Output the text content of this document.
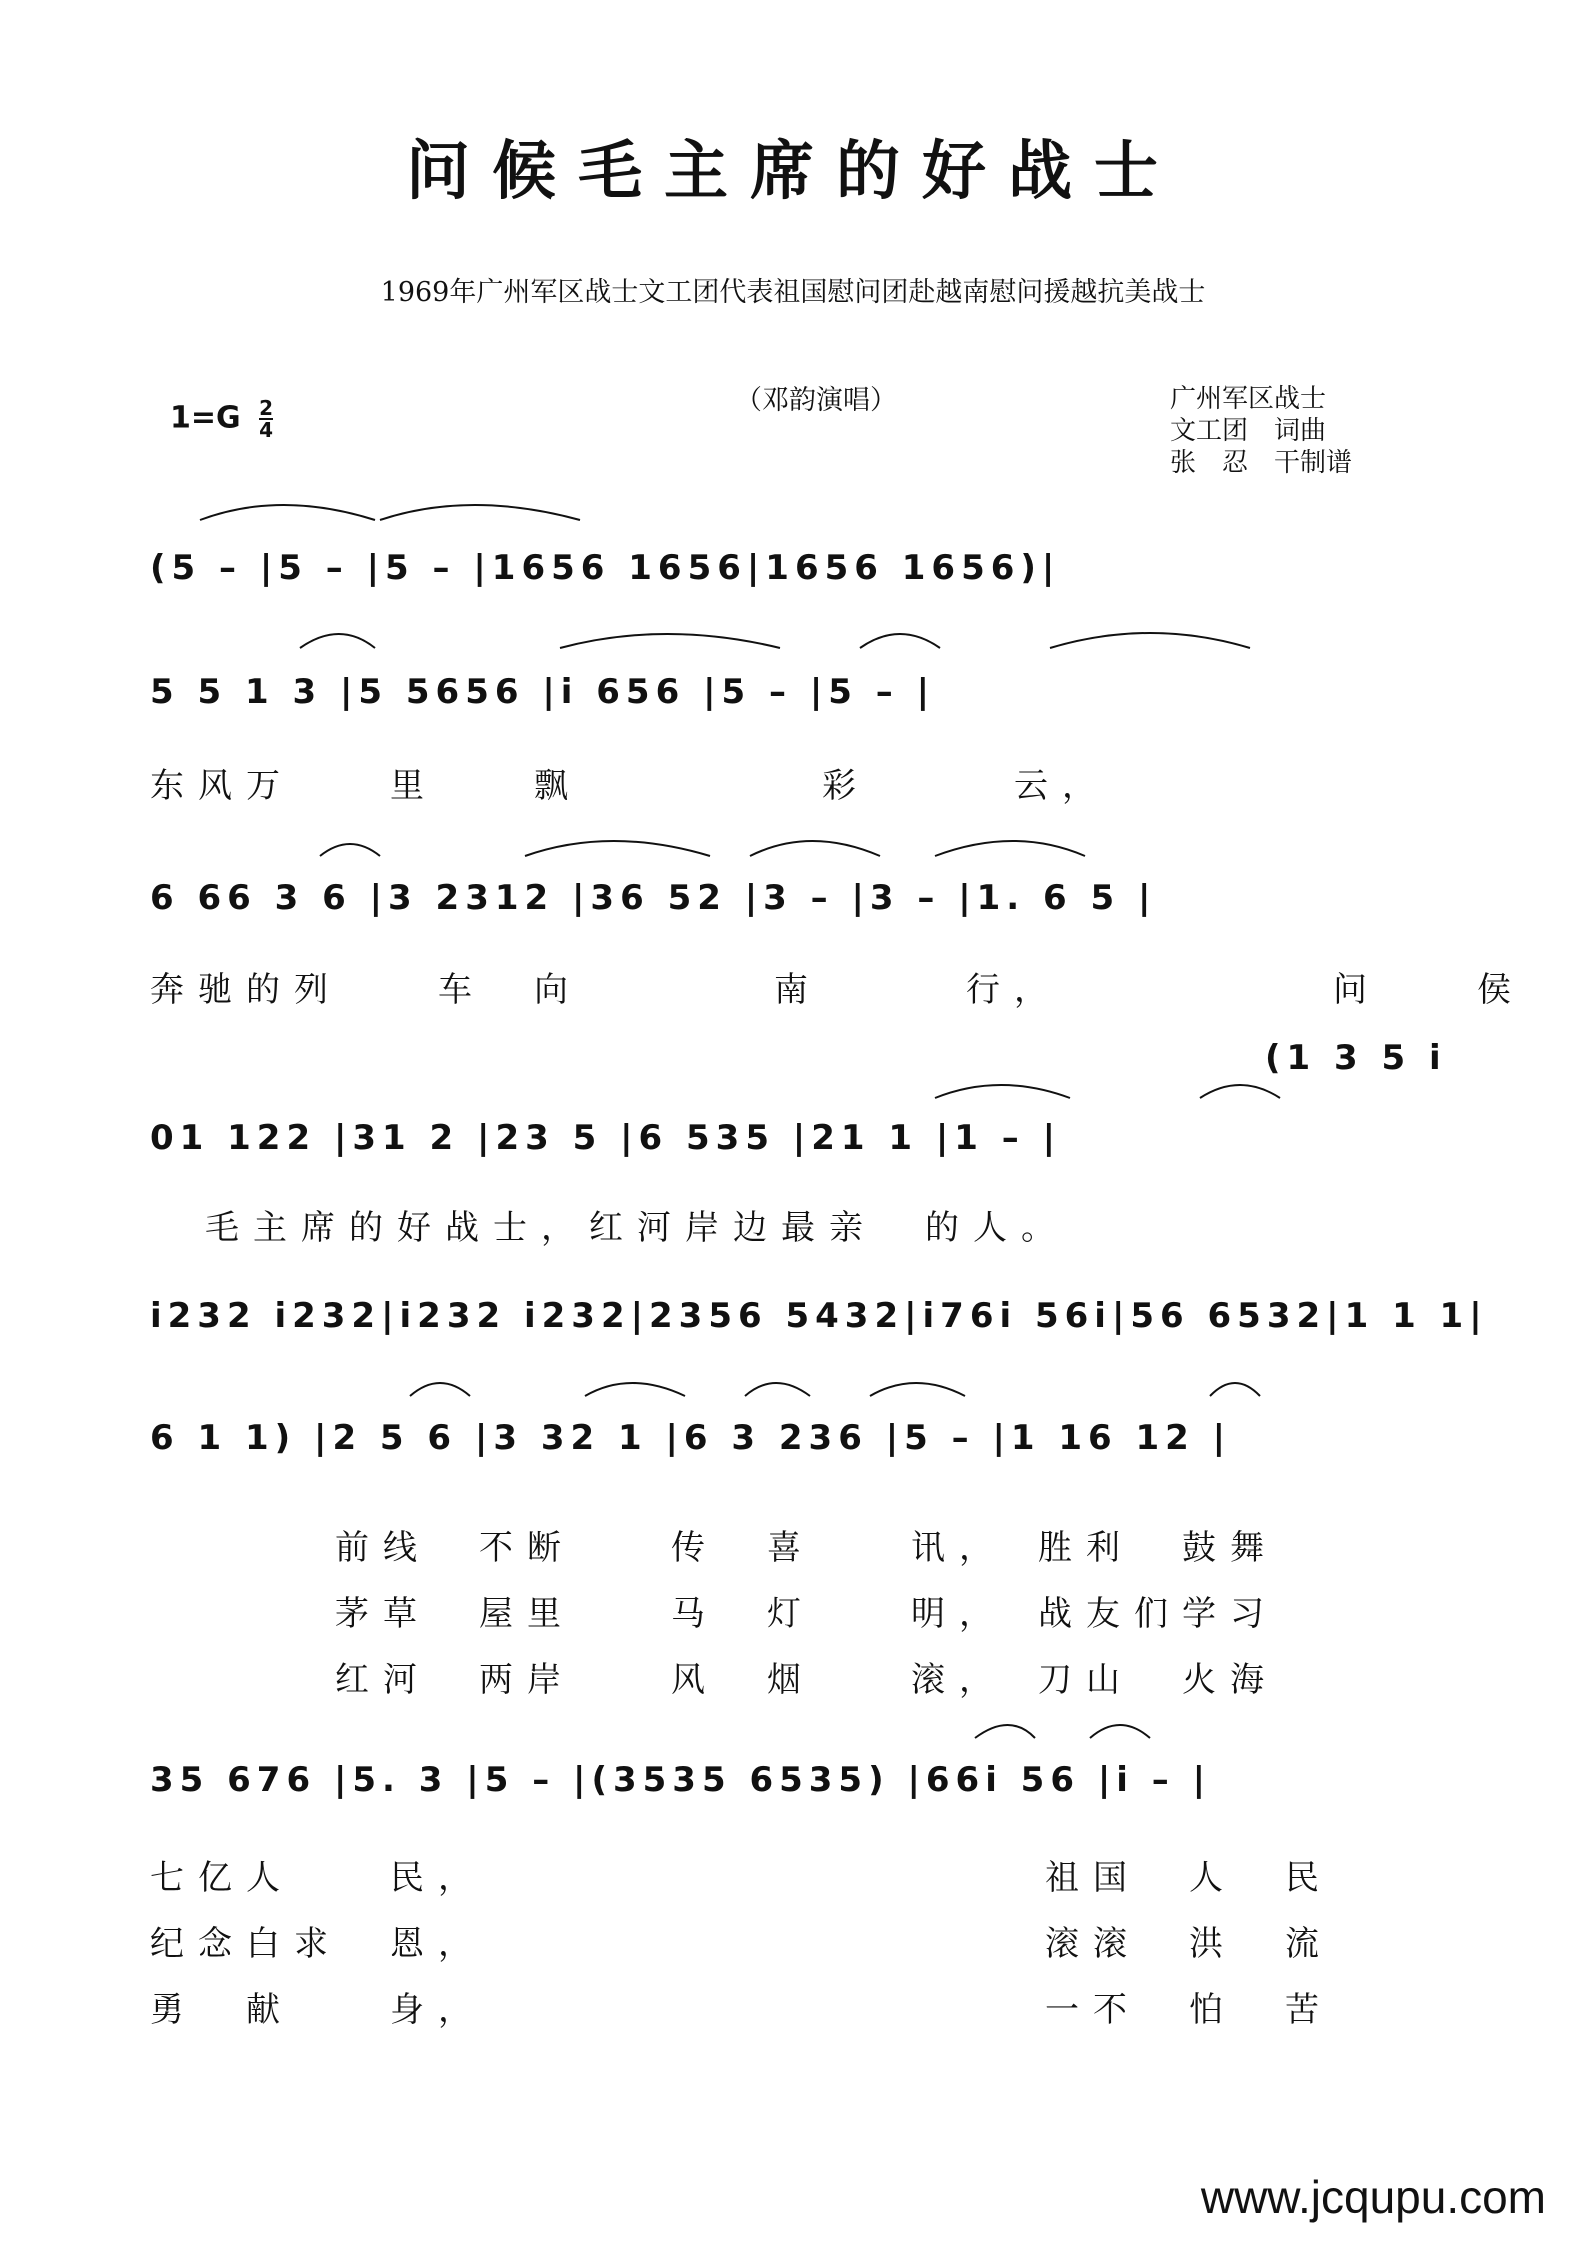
问候毛主席的好战士
1969年广州军区战士文工团代表祖国慰问团赴越南慰问援越抗美战士
$1=G \frac{2}{4}$	（邓韵演唱）	广州军区战士
文工团　词曲
张　忍　干制谱
(5 – |5 – |5 – |1656 1656|1656 1656)|
5 5 1 3 |5 5656 |i 656 |5 – |5 – |
东风万　　里　　飘　　　　　彩　　　云，
6 66 3 6 |3 2312 |36 52 |3 – |3 – |1. 6 5 |
奔驰的列　　车　向　　　　南　　　行，　　　　　　问　　侯
(1 3 5 i
01 122 |31 2 |23 5 |6 535 |21 1 |1 – |
毛主席的好战士，红河岸边最亲　的人。
i232 i232|i232 i232|2356 5432|i76i 56i|56 6532|1 1 1|
6 1 1) |2 5 6 |3 32 1 |6 3 236 |5 – |1 16 12 |
前线　不断　　传　喜　　讯，　胜利　鼓舞
茅草　屋里　　马　灯　　明，　战友们学习
红河　两岸　　风　烟　　滚，　刀山　火海
35 676 |5. 3 |5 – |(3535 6535) |66i 56 |i – |
七亿人　　民，　　　　　　　　　　　　祖国　人　民
纪念白求　恩，　　　　　　　　　　　　滚滚　洪　流
勇　献　　身，　　　　　　　　　　　　一不　怕　苦
www.jcqupu.com
